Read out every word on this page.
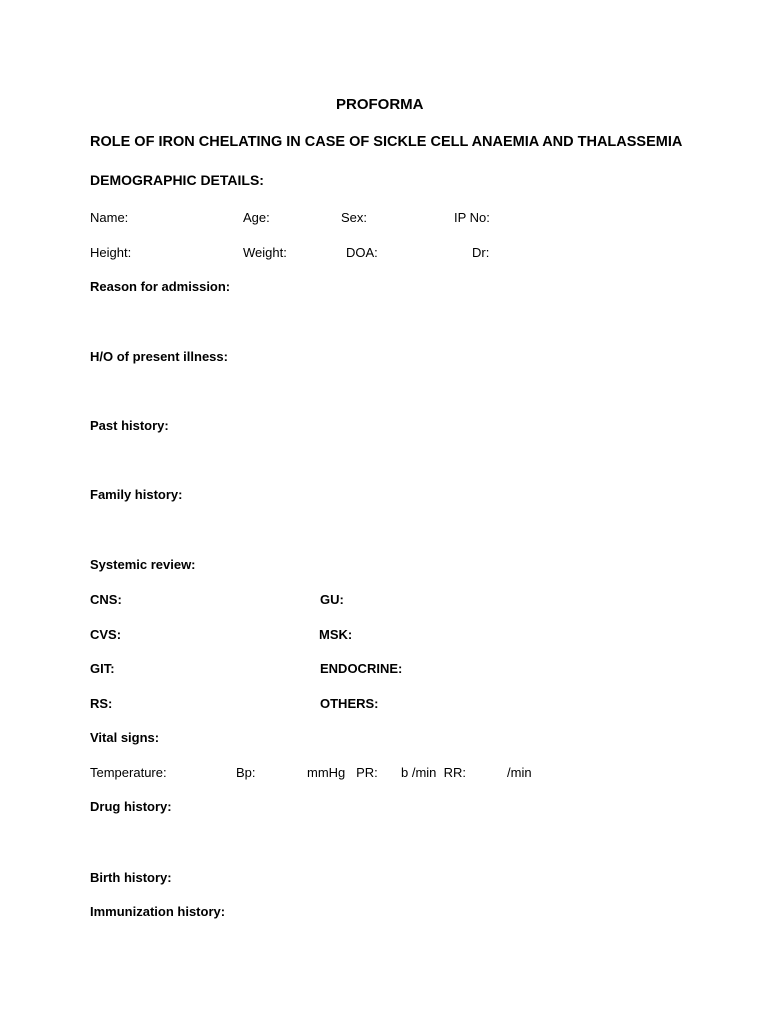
PROFORMA
ROLE OF IRON CHELATING IN CASE OF SICKLE CELL ANAEMIA AND THALASSEMIA
DEMOGRAPHIC DETAILS:
Name:	Age:	Sex:	IP No:
Height:	Weight:	DOA:	Dr:
Reason for admission:
H/O of present illness:
Past history:
Family history:
Systemic review:
CNS:	GU:
CVS:	MSK:
GIT:	ENDOCRINE:
RS:	OTHERS:
Vital signs:
Temperature:	Bp:	mmHg   PR: b /min  RR:	/min
Drug history:
Birth history:
Immunization history:
